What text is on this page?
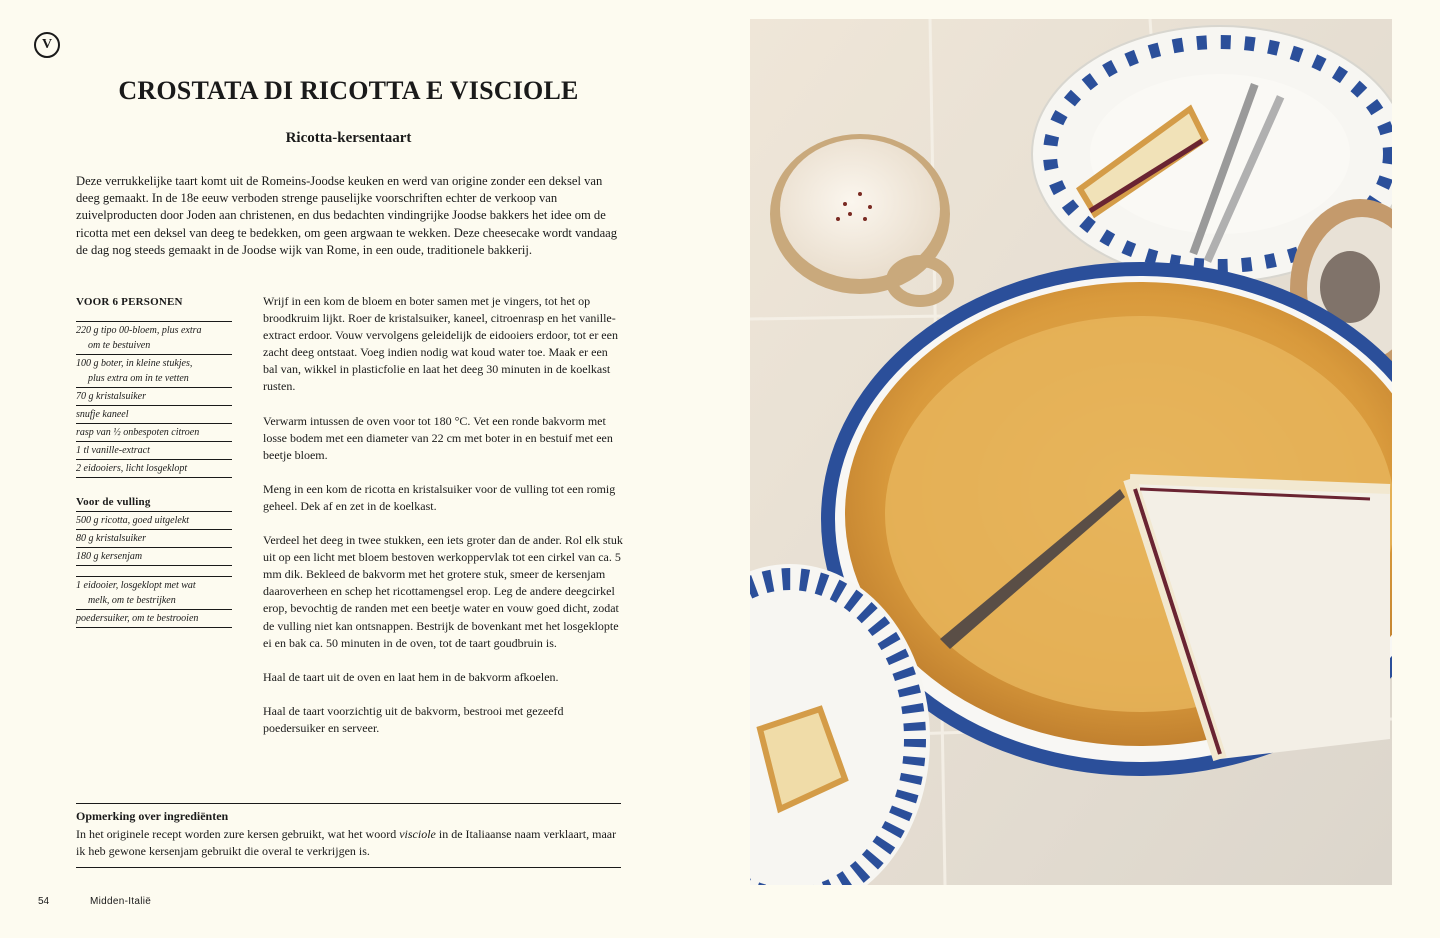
V
CROSTATA DI RICOTTA E VISCIOLE
Ricotta-kersentaart

Deze verrukkelijke taart komt uit de Romeins-Joodse keuken en werd van origine zonder een deksel van deeg gemaakt. In de 18e eeuw verboden strenge pauselijke voorschriften echter de verkoop van zuivelproducten door Joden aan christenen, en dus bedachten vindingrijke Joodse bakkers het idee om de ricotta met een deksel van deeg te bedekken, om geen argwaan te wekken. Deze cheesecake wordt vandaag de dag nog steeds gemaakt in de Joodse wijk van Rome, in een oude, traditionele bakkerij.

VOOR 6 PERSONEN
220 g tipo 00-bloem, plus extra
om te bestuiven
100 g boter, in kleine stukjes,
plus extra om in te vetten
70 g kristalsuiker
snufje kaneel
rasp van ½ onbespoten citroen
1 tl vanille-extract
2 eidooiers, licht losgeklopt
Voor de vulling
500 g ricotta, goed uitgelekt
80 g kristalsuiker
180 g kersenjam
1 eidooier, losgeklopt met wat
melk, om te bestrijken
poedersuiker, om te bestrooien

Wrijf in een kom de bloem en boter samen met je vingers, tot het op broodkruim lijkt. Roer de kristalsuiker, kaneel, citroenrasp en het vanille-extract erdoor. Vouw vervolgens geleidelijk de eidooiers erdoor, tot er een zacht deeg ontstaat. Voeg indien nodig wat koud water toe. Maak er een bal van, wikkel in plasticfolie en laat het deeg 30 minuten in de koelkast rusten.

Verwarm intussen de oven voor tot 180 °C. Vet een ronde bakvorm met losse bodem met een diameter van 22 cm met boter in en bestuif met een beetje bloem.

Meng in een kom de ricotta en kristalsuiker voor de vulling tot een romig geheel. Dek af en zet in de koelkast.

Verdeel het deeg in twee stukken, een iets groter dan de ander. Rol elk stuk uit op een licht met bloem bestoven werkoppervlak tot een cirkel van ca. 5 mm dik. Bekleed de bakvorm met het grotere stuk, smeer de kersenjam daaroverheen en schep het ricottamengsel erop. Leg de andere deegcirkel erop, bevochtig de randen met een beetje water en vouw goed dicht, zodat de vulling niet kan ontsnappen. Bestrijk de bovenkant met het losgeklopte ei en bak ca. 50 minuten in de oven, tot de taart goudbruin is.

Haal de taart uit de oven en laat hem in de bakvorm afkoelen.

Haal de taart voorzichtig uit de bakvorm, bestrooi met gezeefd poedersuiker en serveer.

Opmerking over ingrediënten
In het originele recept worden zure kersen gebruikt, wat het woord visciole in de Italiaanse naam verklaart, maar ik heb gewone kersenjam gebruikt die overal te verkrijgen is.
54	Midden-Italië
